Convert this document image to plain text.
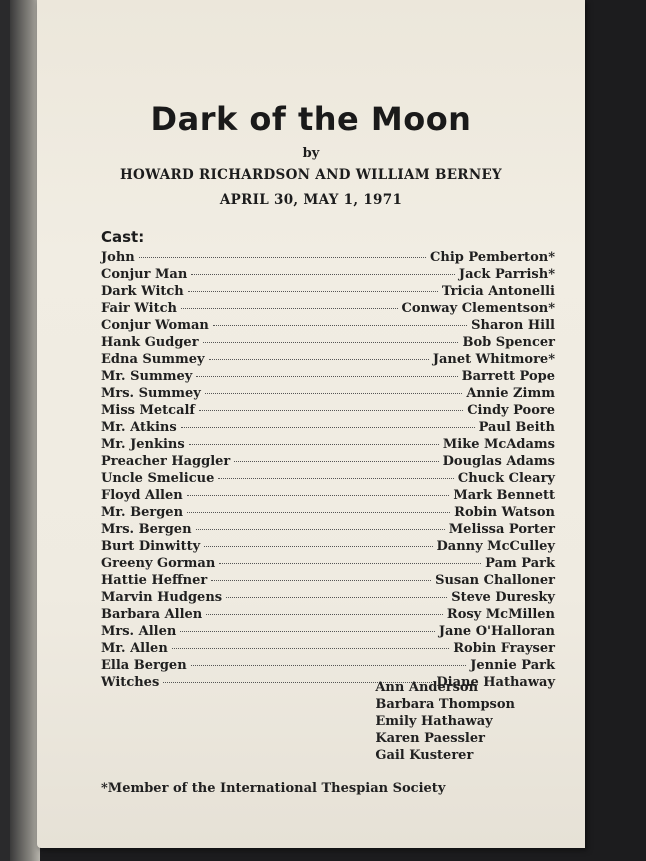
Dark of the Moon
by
HOWARD RICHARDSON AND WILLIAM BERNEY
APRIL 30, MAY 1, 1971
Cast:
John	Chip Pemberton*
Conjur Man	Jack Parrish*
Dark Witch	Tricia Antonelli
Fair Witch	Conway Clementson*
Conjur Woman	Sharon Hill
Hank Gudger	Bob Spencer
Edna Summey	Janet Whitmore*
Mr. Summey	Barrett Pope
Mrs. Summey	Annie Zimm
Miss Metcalf	Cindy Poore
Mr. Atkins	Paul Beith
Mr. Jenkins	Mike McAdams
Preacher Haggler	Douglas Adams
Uncle Smelicue	Chuck Cleary
Floyd Allen	Mark Bennett
Mr. Bergen	Robin Watson
Mrs. Bergen	Melissa Porter
Burt Dinwitty	Danny McCulley
Greeny Gorman	Pam Park
Hattie Heffner	Susan Challoner
Marvin Hudgens	Steve Duresky
Barbara Allen	Rosy McMillen
Mrs. Allen	Jane O'Halloran
Mr. Allen	Robin Frayser
Ella Bergen	Jennie Park
Witches	Diane Hathaway
Ann Anderson
Barbara Thompson
Emily Hathaway
Karen Paessler
Gail Kusterer
*Member of the International Thespian Society
